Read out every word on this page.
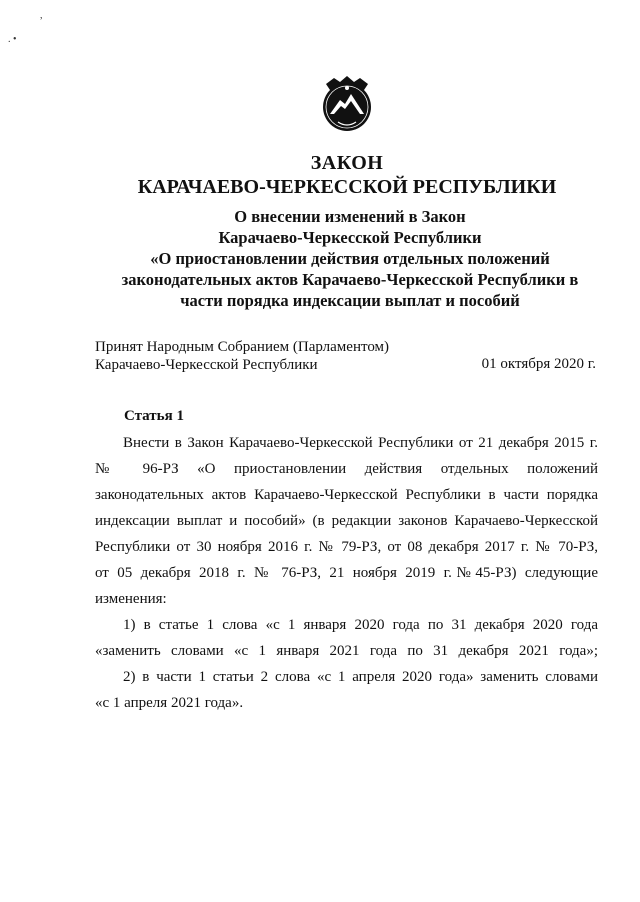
,
. •
ЗАКОН
КАРАЧАЕВО-ЧЕРКЕССКОЙ РЕСПУБЛИКИ
О внесении изменений в Закон
Карачаево-Черкесской Республики
«О приостановлении действия отдельных положений
законодательных актов Карачаево-Черкесской Республики в
части порядка индексации выплат и пособий
Принят Народным Собранием (Парламентом)
Карачаево-Черкесской Республики	01 октября 2020 г.
Статья 1
Внести в Закон Карачаево-Черкесской Республики от 21 декабря 2015 г.
№ 96-РЗ «О приостановлении действия отдельных положений
законодательных актов Карачаево-Черкесской Республики в части порядка
индексации выплат и пособий» (в редакции законов Карачаево-Черкесской
Республики от 30 ноября 2016 г. № 79-РЗ, от 08 декабря 2017 г. № 70-РЗ,
от 05 декабря 2018 г. № 76-РЗ, 21 ноября 2019 г.№45-РЗ) следующие
изменения:
1) в статье 1 слова «с 1 января 2020 года по 31 декабря 2020 года
«заменить словами «с 1 января 2021 года по 31 декабря 2021 года»;
2) в части 1 статьи 2 слова «с 1 апреля 2020 года» заменить словами
«с 1 апреля 2021 года».
